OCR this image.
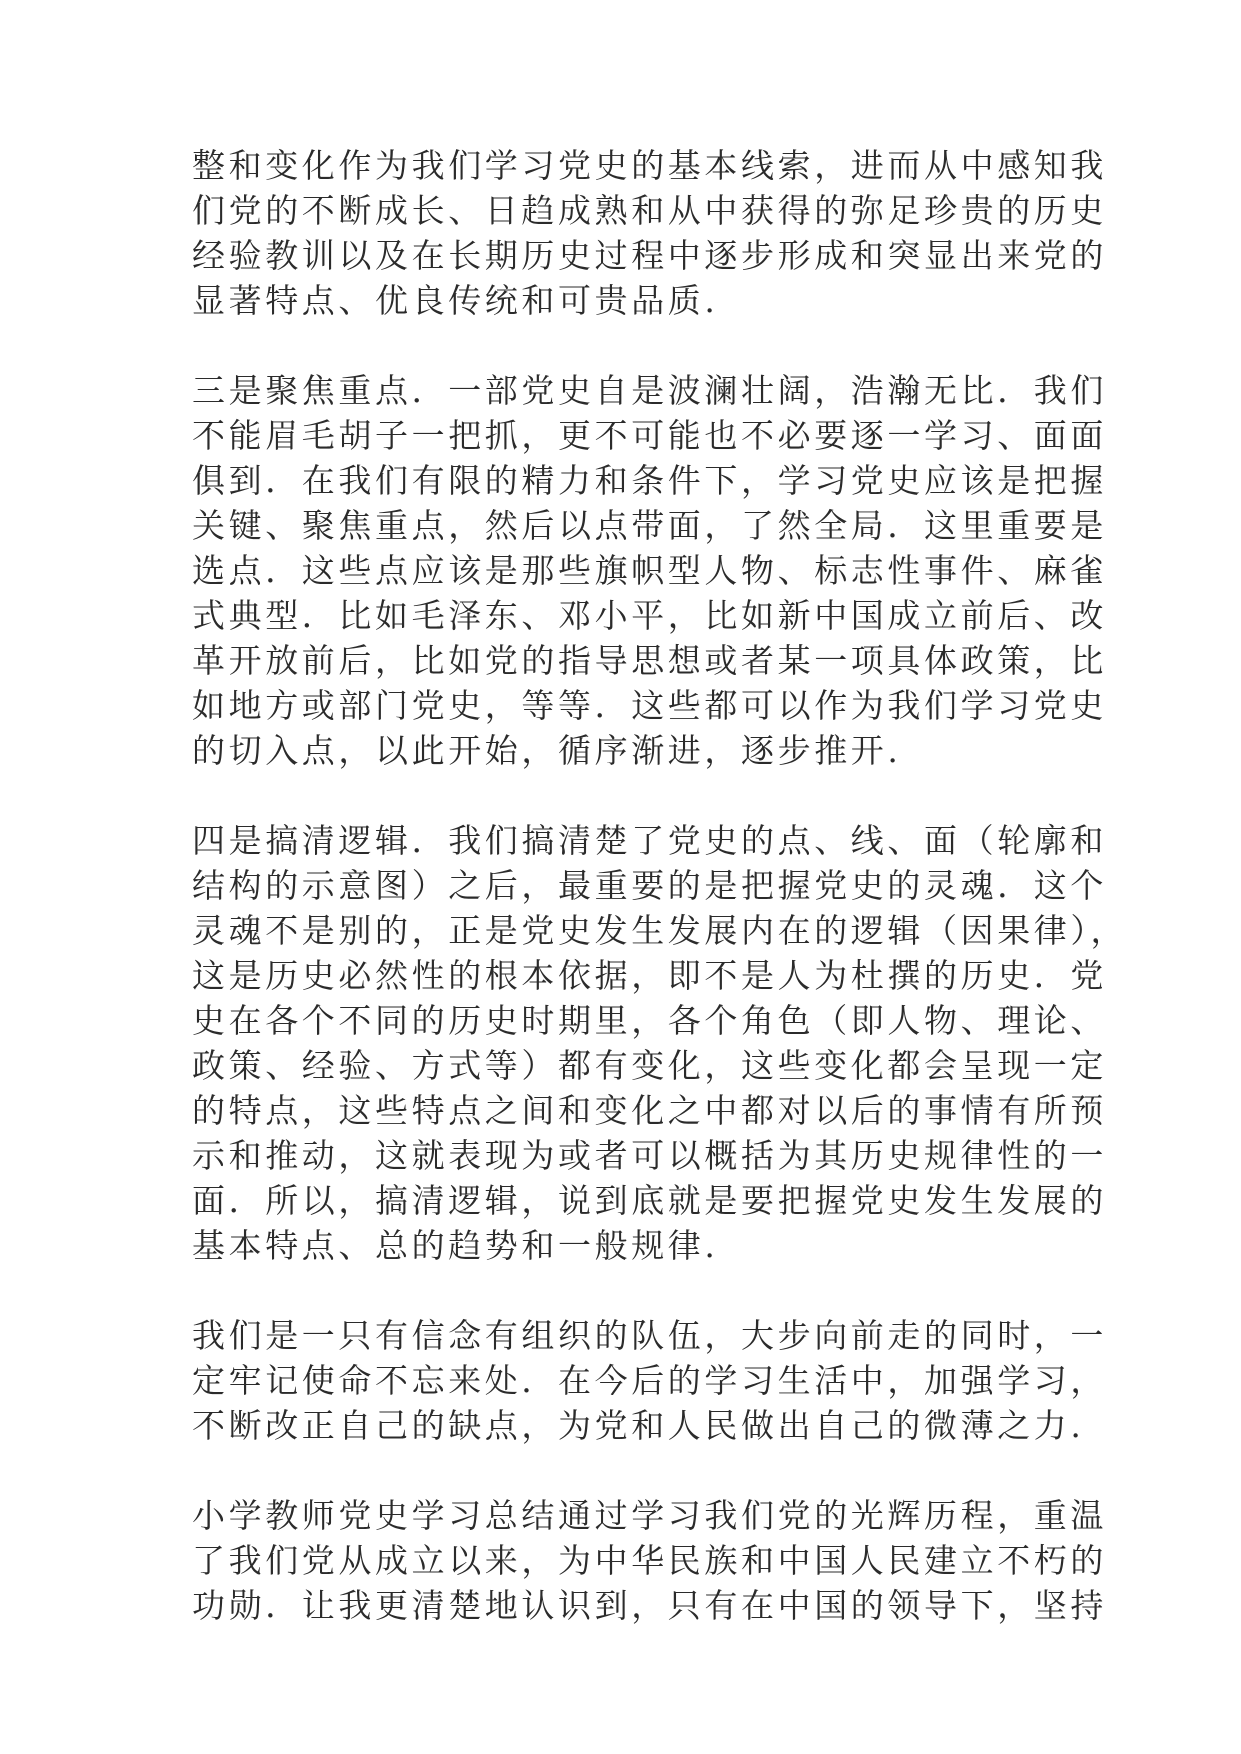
整和变化作为我们学习党史的基本线索，进而从中感知我
们党的不断成长、日趋成熟和从中获得的弥足珍贵的历史
经验教训以及在长期历史过程中逐步形成和突显出来党的
显著特点、优良传统和可贵品质.

三是聚焦重点．一部党史自是波澜壮阔，浩瀚无比．我们
不能眉毛胡子一把抓，更不可能也不必要逐一学习、面面
俱到．在我们有限的精力和条件下，学习党史应该是把握
关键、聚焦重点，然后以点带面，了然全局．这里重要是
选点．这些点应该是那些旗帜型人物、标志性事件、麻雀
式典型．比如毛泽东、邓小平，比如新中国成立前后、改
革开放前后，比如党的指导思想或者某一项具体政策，比
如地方或部门党史，等等．这些都可以作为我们学习党史
的切入点，以此开始，循序渐进，逐步推开.

四是搞清逻辑．我们搞清楚了党史的点、线、面（轮廓和
结构的示意图）之后，最重要的是把握党史的灵魂．这个
灵魂不是别的，正是党史发生发展内在的逻辑（因果律），
这是历史必然性的根本依据，即不是人为杜撰的历史．党
史在各个不同的历史时期里，各个角色（即人物、理论、
政策、经验、方式等）都有变化，这些变化都会呈现一定
的特点，这些特点之间和变化之中都对以后的事情有所预
示和推动，这就表现为或者可以概括为其历史规律性的一
面．所以，搞清逻辑，说到底就是要把握党史发生发展的
基本特点、总的趋势和一般规律.

我们是一只有信念有组织的队伍，大步向前走的同时，一
定牢记使命不忘来处．在今后的学习生活中，加强学习，
不断改正自己的缺点，为党和人民做出自己的微薄之力.

小学教师党史学习总结通过学习我们党的光辉历程，重温
了我们党从成立以来，为中华民族和中国人民建立不朽的
功勋．让我更清楚地认识到，只有在中国的领导下，坚持
